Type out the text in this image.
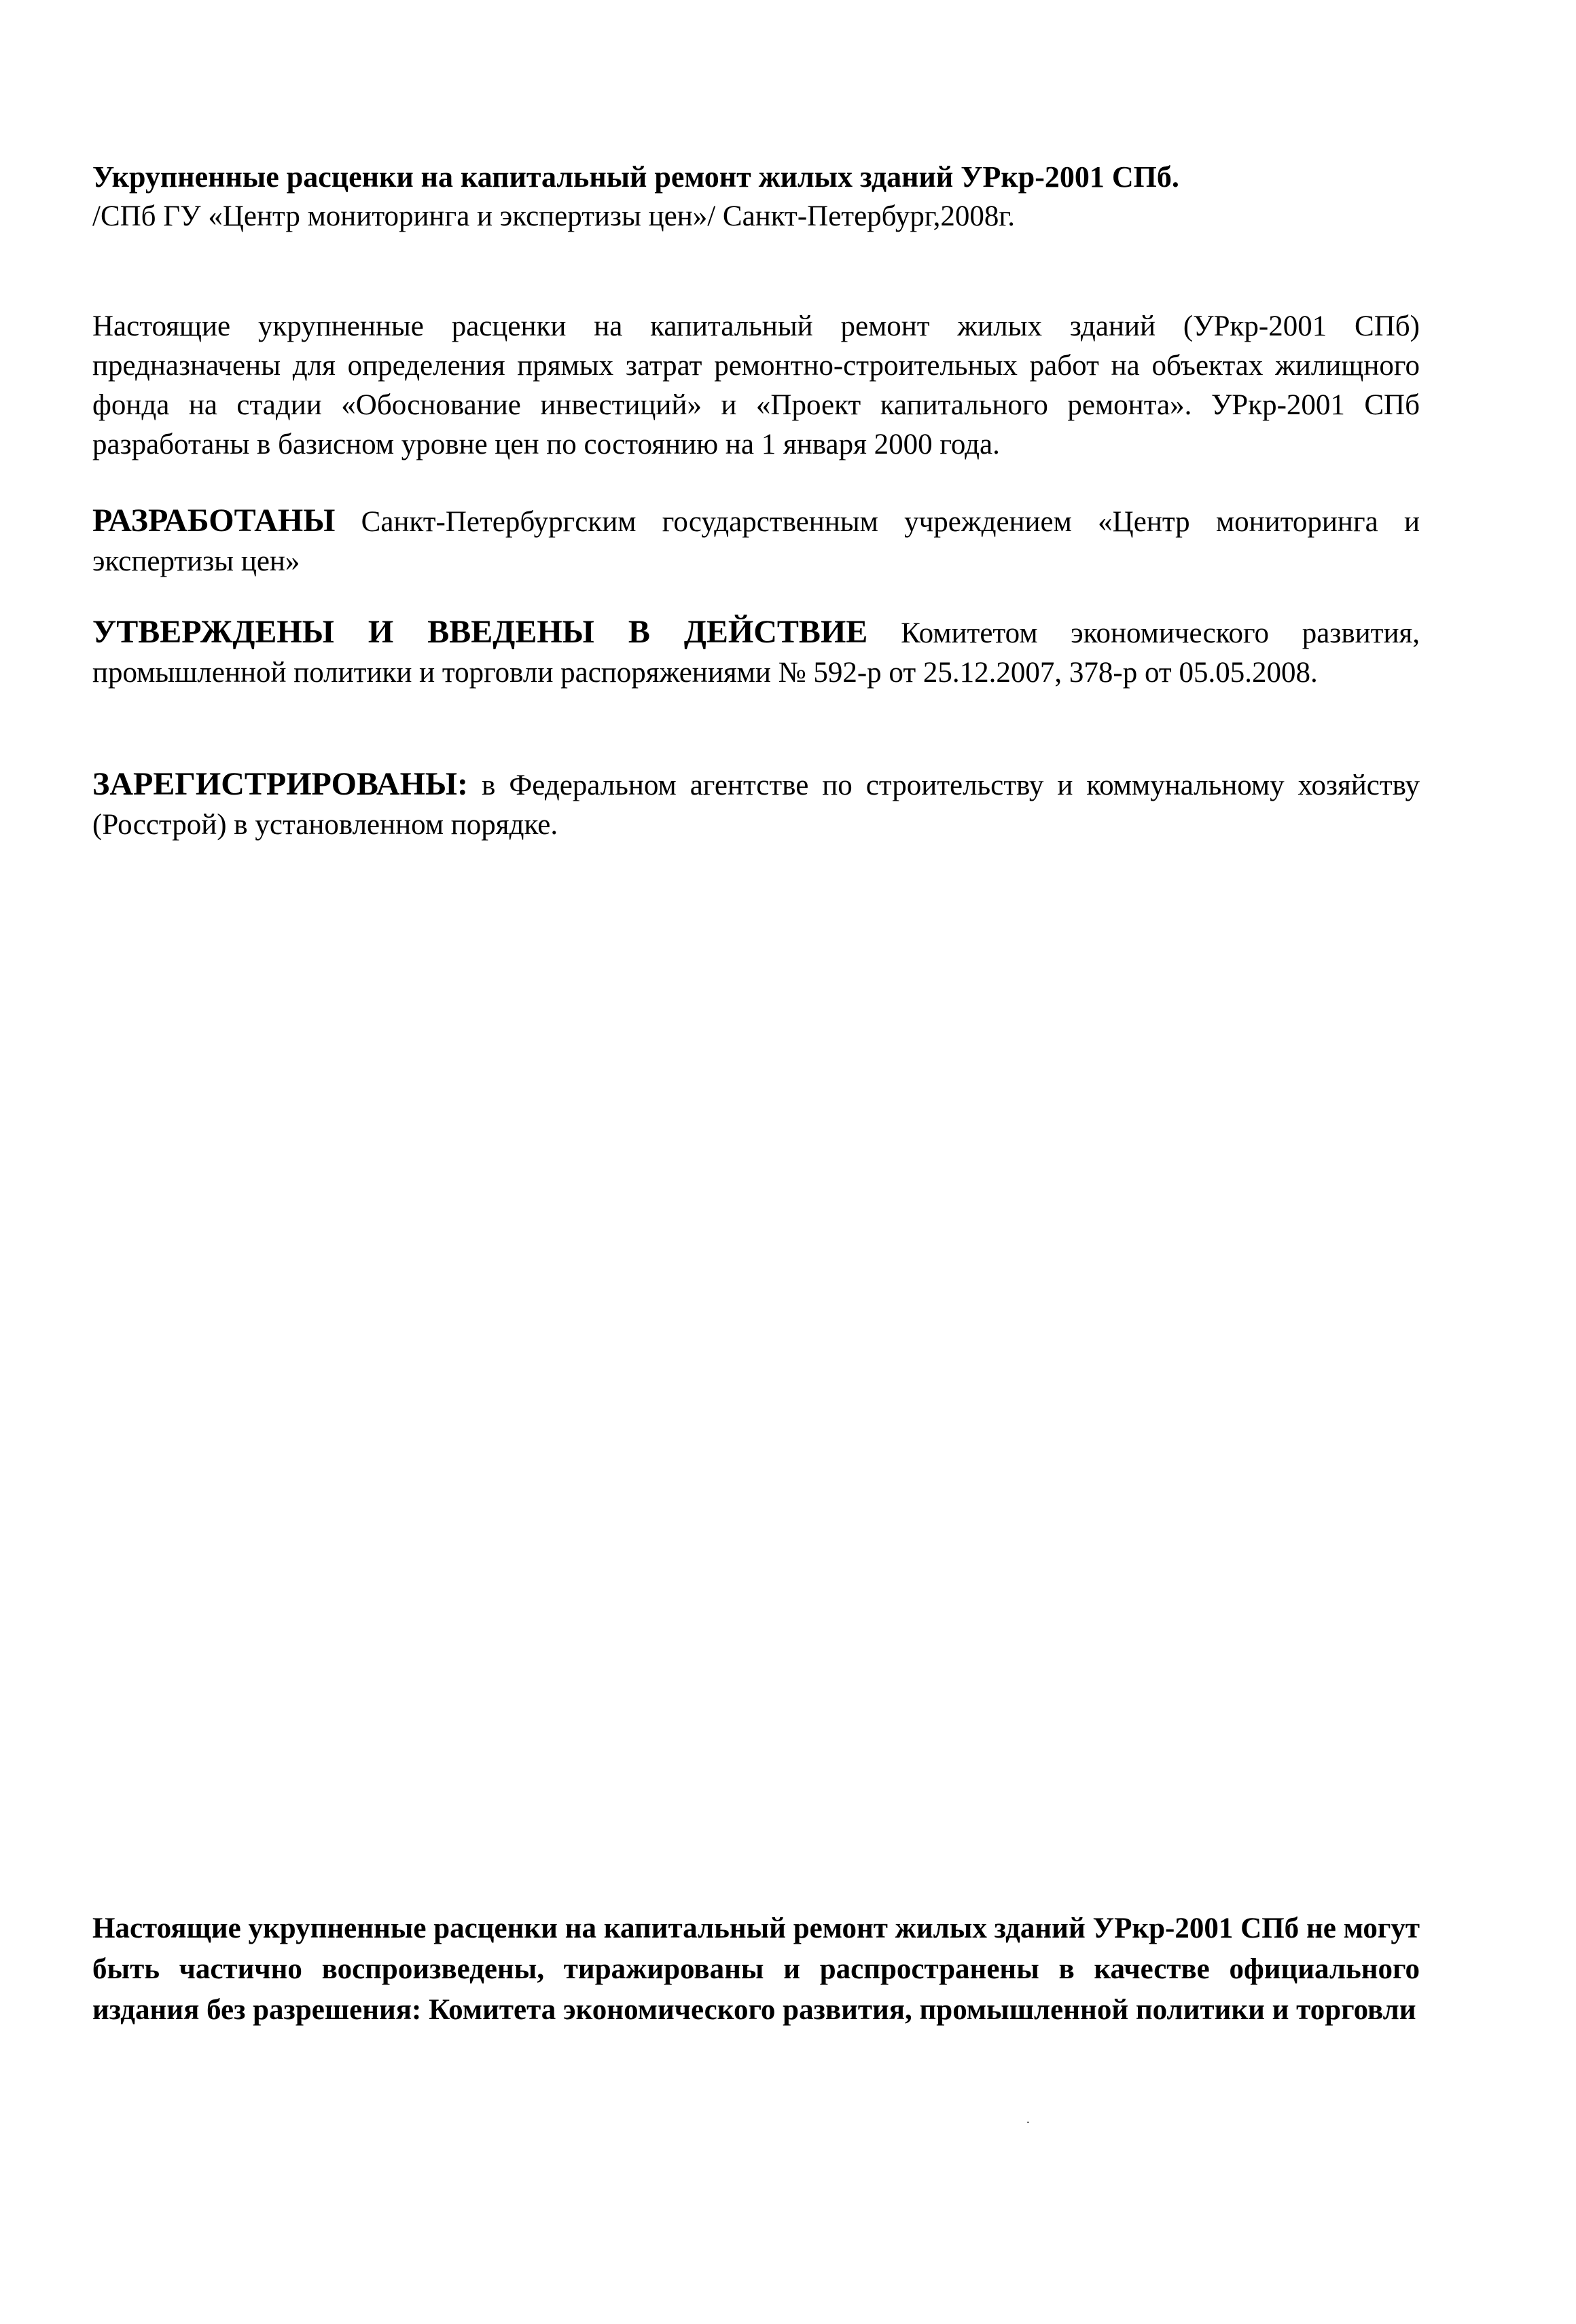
Укрупненные расценки на капитальный ремонт жилых зданий УРкр-2001 СПб.

/СПб ГУ «Центр мониторинга и экспертизы цен»/ Санкт-Петербург,2008г.

Настоящие укрупненные расценки на капитальный ремонт жилых зданий (УРкр-2001 СПб) предназначены для определения прямых затрат ремонтно-строительных работ на объектах жилищного фонда на стадии «Обоснование инвестиций» и «Проект капитального ремонта». УРкр-2001 СПб разработаны в базисном уровне цен по состоянию на 1 января 2000 года.

РАЗРАБОТАНЫ Санкт-Петербургским государственным учреждением «Центр мониторинга и экспертизы цен»

УТВЕРЖДЕНЫ И ВВЕДЕНЫ В ДЕЙСТВИЕ Комитетом экономического развития, промышленной политики и торговли распоряжениями № 592-р от 25.12.2007, 378-р от 05.05.2008.

ЗАРЕГИСТРИРОВАНЫ: в Федеральном агентстве по строительству и коммунальному хозяйству (Росстрой) в установленном порядке.

Настоящие укрупненные расценки на капитальный ремонт жилых зданий УРкр-2001 СПб не могут быть частично воспроизведены, тиражированы и распространены в качестве официального издания без разрешения: Комитета экономического развития, промышленной политики и торговли
